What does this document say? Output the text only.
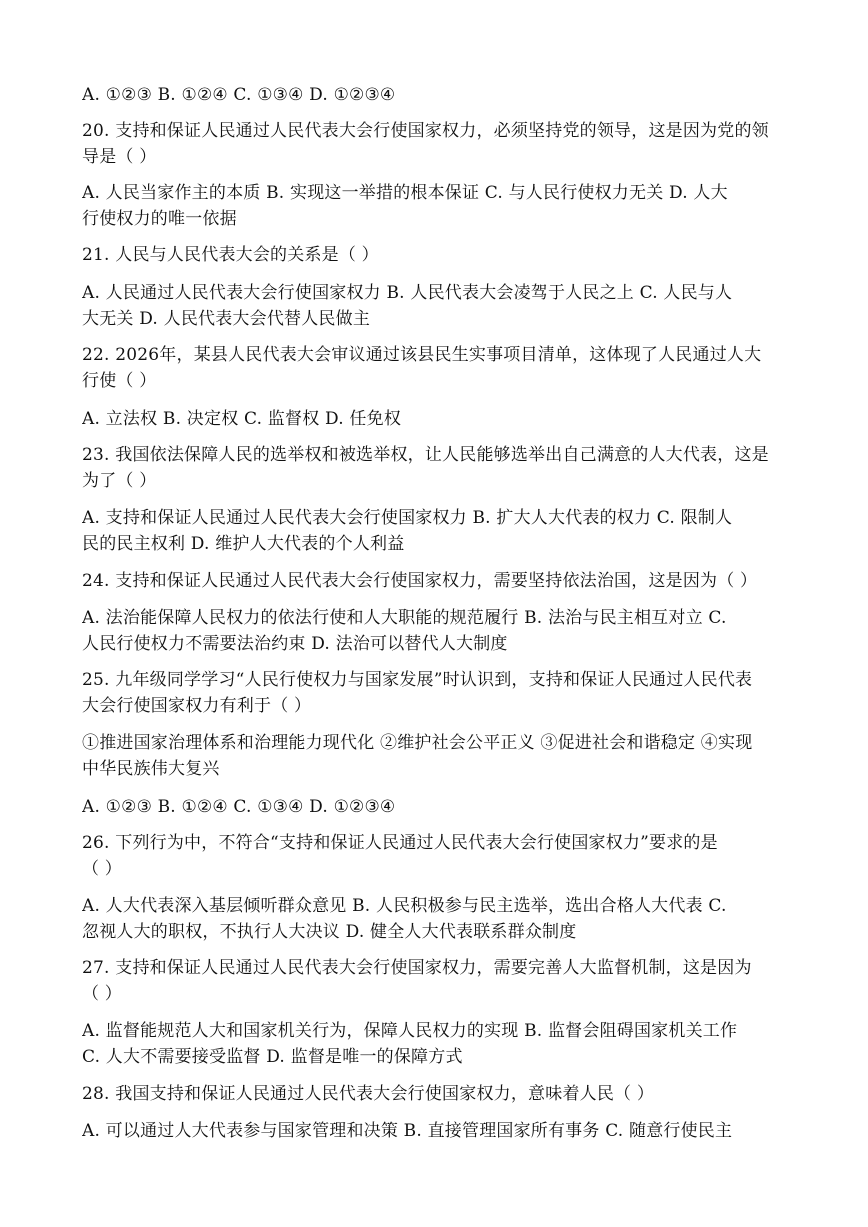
A. ①②③ B. ①②④ C. ①③④ D. ①②③④
20. 支持和保证人民通过人民代表大会行使国家权力，必须坚持党的领导，这是因为党的领
导是（ ）
A. 人民当家作主的本质 B. 实现这一举措的根本保证 C. 与人民行使权力无关 D. 人大
行使权力的唯一依据
21. 人民与人民代表大会的关系是（ ）
A. 人民通过人民代表大会行使国家权力 B. 人民代表大会凌驾于人民之上 C. 人民与人
大无关 D. 人民代表大会代替人民做主
22. 2026年，某县人民代表大会审议通过该县民生实事项目清单，这体现了人民通过人大
行使（ ）
A. 立法权 B. 决定权 C. 监督权 D. 任免权
23. 我国依法保障人民的选举权和被选举权，让人民能够选举出自己满意的人大代表，这是
为了（ ）
A. 支持和保证人民通过人民代表大会行使国家权力 B. 扩大人大代表的权力 C. 限制人
民的民主权利 D. 维护人大代表的个人利益
24. 支持和保证人民通过人民代表大会行使国家权力，需要坚持依法治国，这是因为（ ）
A. 法治能保障人民权力的依法行使和人大职能的规范履行 B. 法治与民主相互对立 C.
人民行使权力不需要法治约束 D. 法治可以替代人大制度
25. 九年级同学学习“人民行使权力与国家发展”时认识到，支持和保证人民通过人民代表
大会行使国家权力有利于（ ）
①推进国家治理体系和治理能力现代化 ②维护社会公平正义 ③促进社会和谐稳定 ④实现
中华民族伟大复兴
A. ①②③ B. ①②④ C. ①③④ D. ①②③④
26. 下列行为中，不符合“支持和保证人民通过人民代表大会行使国家权力”要求的是
（ ）
A. 人大代表深入基层倾听群众意见 B. 人民积极参与民主选举，选出合格人大代表 C.
忽视人大的职权，不执行人大决议 D. 健全人大代表联系群众制度
27. 支持和保证人民通过人民代表大会行使国家权力，需要完善人大监督机制，这是因为
（ ）
A. 监督能规范人大和国家机关行为，保障人民权力的实现 B. 监督会阻碍国家机关工作
C. 人大不需要接受监督 D. 监督是唯一的保障方式
28. 我国支持和保证人民通过人民代表大会行使国家权力，意味着人民（ ）
A. 可以通过人大代表参与国家管理和决策 B. 直接管理国家所有事务 C. 随意行使民主
